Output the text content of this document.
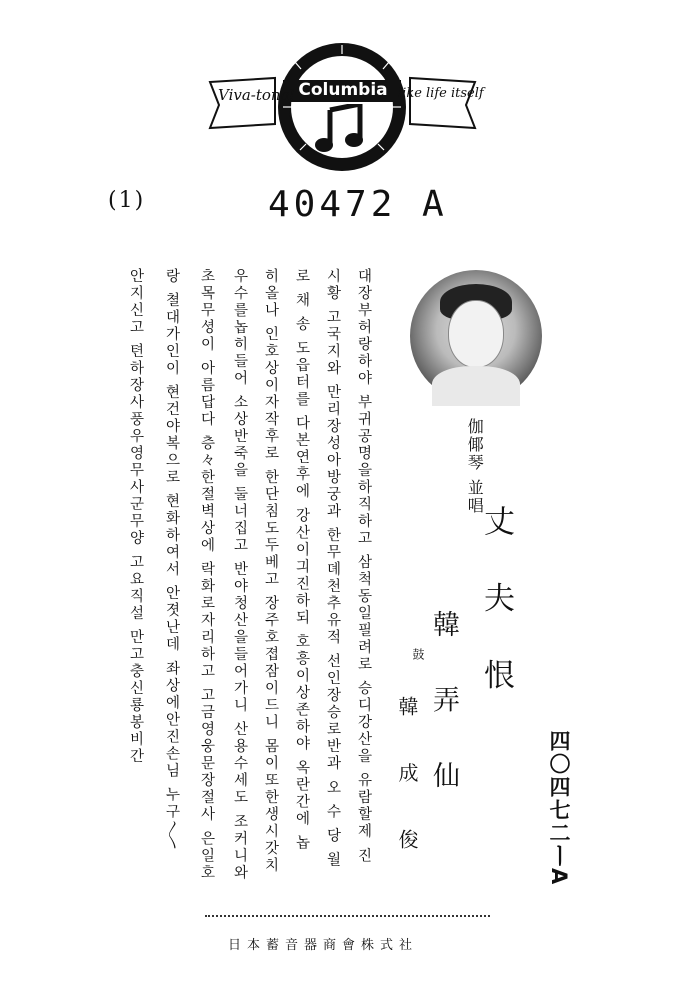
Viva-tonal	like life itself
Columbia
(1)	40472 A
대장부허랑하야 부귀공명을하직하고 삼척동일필려로 승디강산을 유람할제 진
시황 고국지와 만리장성아방궁과 한무뎨천추유적 선인장승로반과 오 수 당 월
로 채 송 도읍터를 다본연후에 강산이긔진하되 호흥이상존하야 옥란간에 놉
히올나 인호상이자작후로 한단침도두베고 장주호졉잠이드니 몸이또한생시갓치
우수를놉히들어 소상반죽을 둘너집고 반야청산을들어가니 산용수세도 조커니와
초목무셩이 아름답다 층々한절벽상에 락화로자리하고 고금영웅문장절사 은일호
랑 쳘대가인이 현건야복으로 현화하여서 안졋난데 좌상에안진손님 누구〳〵
안지신고 텬하장사풍우영무사군무양 고요직설 만고충신룡봉비간	伽倻琴 並唱
丈 夫 恨
韓 弄 仙
鼓
韓 成 俊	四〇四七二ㅣA
日本蓄音器商會株式社
